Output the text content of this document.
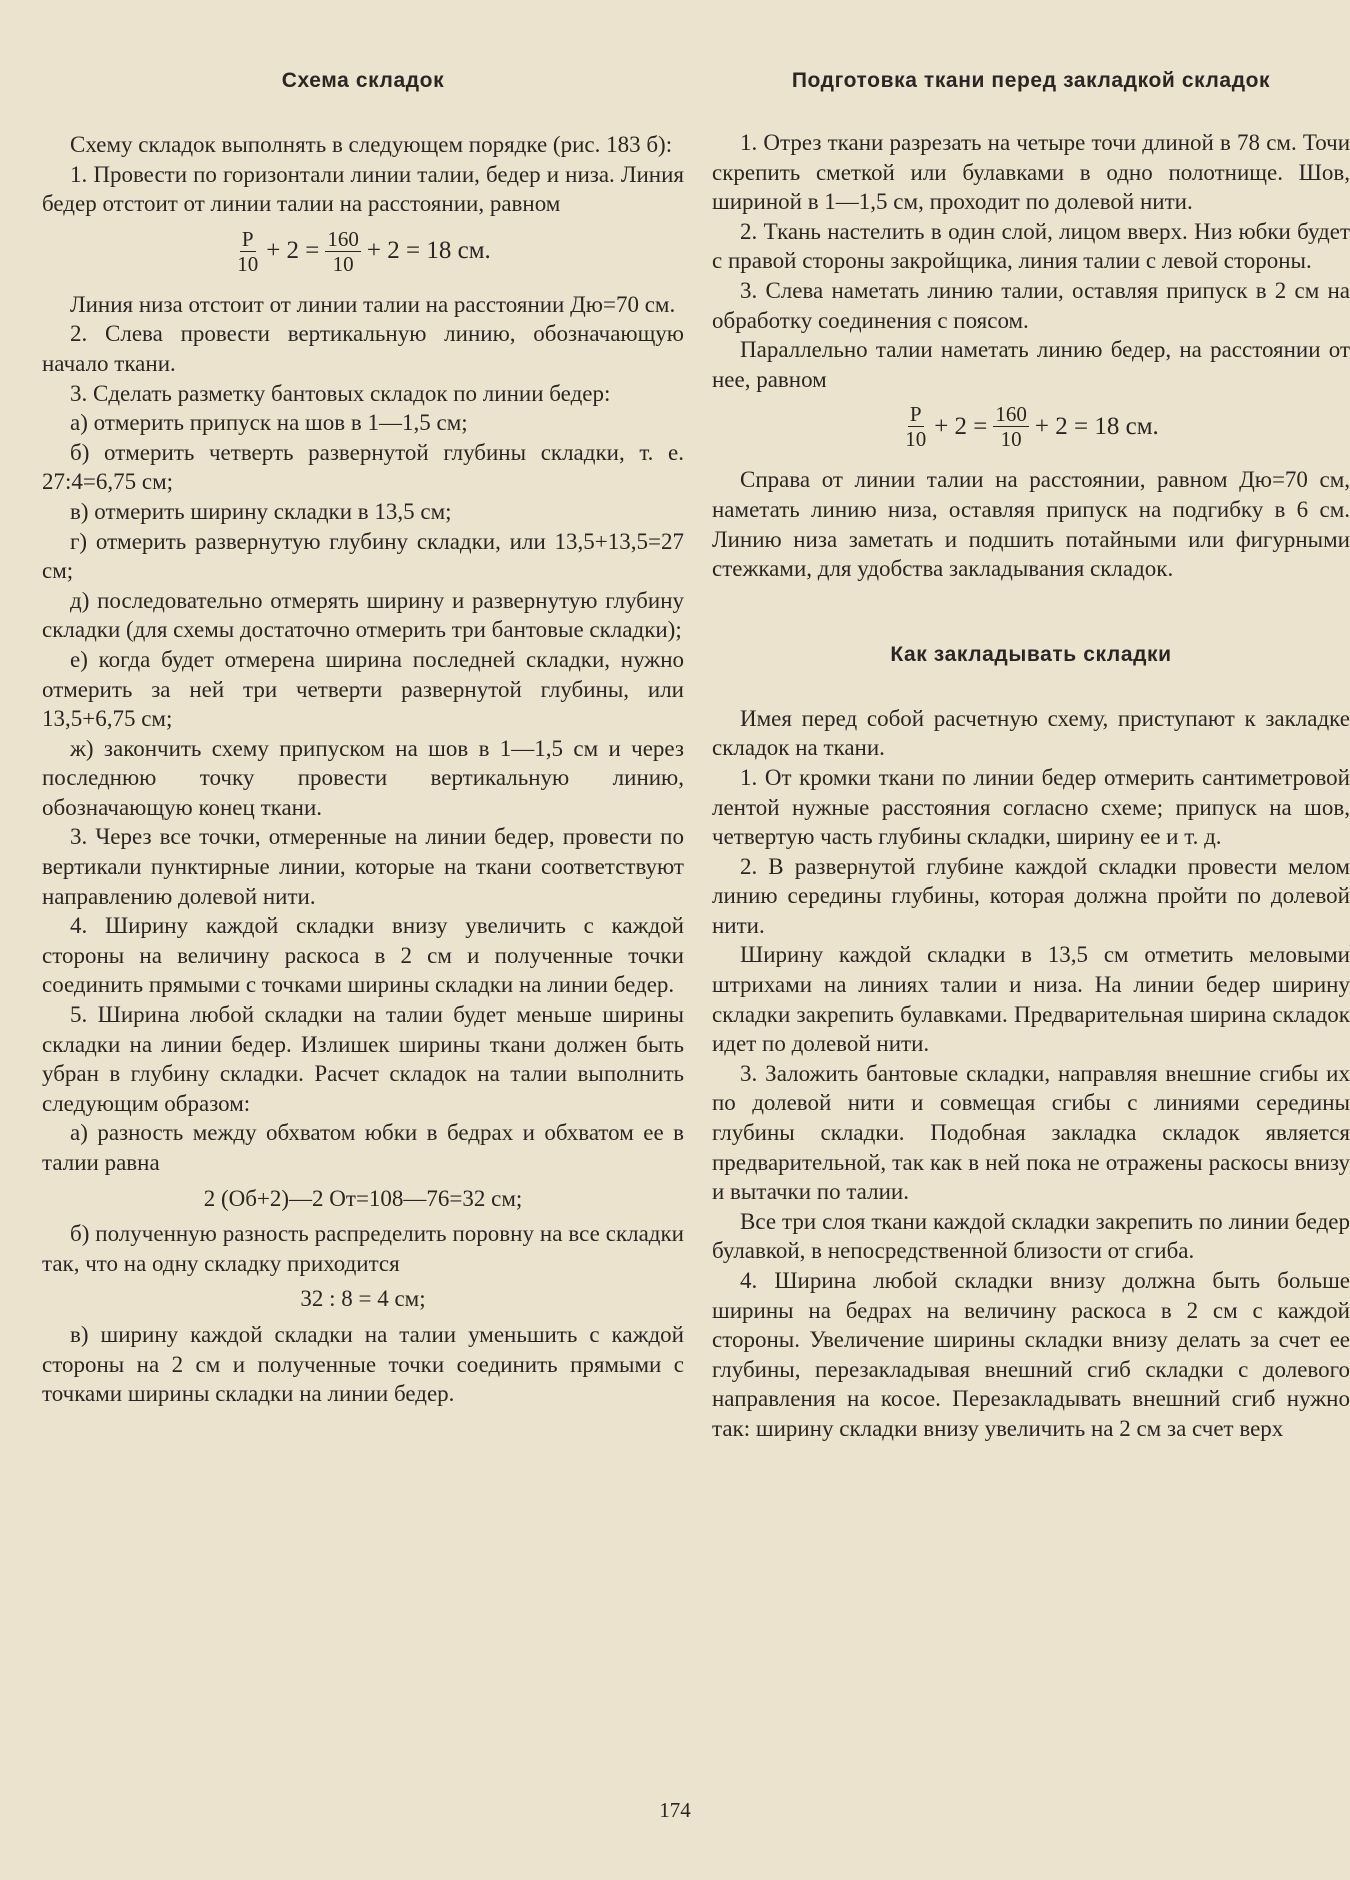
Схема складок

Схему складок выполнять в следующем порядке (рис. 183 б):

1. Провести по горизонтали линии талии, бедер и низа. Линия бедер отстоит от линии талии на расстоянии, равном

$\frac{P}{10} + 2 = \frac{160}{10} + 2 = 18$ см.

Линия низа отстоит от линии талии на расстоянии Дю=70 см.

2. Слева провести вертикальную линию, обозначающую начало ткани.

3. Сделать разметку бантовых складок по линии бедер:

а) отмерить припуск на шов в 1—1,5 см;

б) отмерить четверть развернутой глубины складки, т. е. 27:4=6,75 см;

в) отмерить ширину складки в 13,5 см;

г) отмерить развернутую глубину складки, или 13,5+13,5=27 см;

д) последовательно отмерять ширину и развернутую глубину складки (для схемы достаточно отмерить три бантовые складки);

е) когда будет отмерена ширина последней складки, нужно отмерить за ней три четверти развернутой глубины, или 13,5+6,75 см;

ж) закончить схему припуском на шов в 1—1,5 см и через последнюю точку провести вертикальную линию, обозначающую конец ткани.

3. Через все точки, отмеренные на линии бедер, провести по вертикали пунктирные линии, которые на ткани соответствуют направлению долевой нити.

4. Ширину каждой складки внизу увеличить с каждой стороны на величину раскоса в 2 см и полученные точки соединить прямыми с точками ширины складки на линии бедер.

5. Ширина любой складки на талии будет меньше ширины складки на линии бедер. Излишек ширины ткани должен быть убран в глубину складки. Расчет складок на талии выполнить следующим образом:

а) разность между обхватом юбки в бедрах и обхватом ее в талии равна

2 (Об+2)—2 От=108—76=32 см;

б) полученную разность распределить поровну на все складки так, что на одну складку приходится

32 : 8 = 4 см;

в) ширину каждой складки на талии уменьшить с каждой стороны на 2 см и полученные точки соединить прямыми с точками ширины складки на линии бедер.

Подготовка ткани перед закладкой складок

1. Отрез ткани разрезать на четыре точи длиной в 78 см. Точи скрепить сметкой или булавками в одно полотнище. Шов, шириной в 1—1,5 см, проходит по долевой нити.

2. Ткань настелить в один слой, лицом вверх. Низ юбки будет с правой стороны закройщика, линия талии с левой стороны.

3. Слева наметать линию талии, оставляя припуск в 2 см на обработку соединения с поясом.

Параллельно талии наметать линию бедер, на расстоянии от нее, равном

$\frac{P}{10} + 2 = \frac{160}{10} + 2 = 18$ см.

Справа от линии талии на расстоянии, равном Дю=70 см, наметать линию низа, оставляя припуск на подгибку в 6 см. Линию низа заметать и подшить потайными или фигурными стежками, для удобства закладывания складок.

Как закладывать складки

Имея перед собой расчетную схему, приступают к закладке складок на ткани.

1. От кромки ткани по линии бедер отмерить сантиметровой лентой нужные расстояния согласно схеме; припуск на шов, четвертую часть глубины складки, ширину ее и т. д.

2. В развернутой глубине каждой складки провести мелом линию середины глубины, которая должна пройти по долевой нити.

Ширину каждой складки в 13,5 см отметить меловыми штрихами на линиях талии и низа. На линии бедер ширину складки закрепить булавками. Предварительная ширина складок идет по долевой нити.

3. Заложить бантовые складки, направляя внешние сгибы их по долевой нити и совмещая сгибы с линиями середины глубины складки. Подобная закладка складок является предварительной, так как в ней пока не отражены раскосы внизу и вытачки по талии.

Все три слоя ткани каждой складки закрепить по линии бедер булавкой, в непосредственной близости от сгиба.

4. Ширина любой складки внизу должна быть больше ширины на бедрах на величину раскоса в 2 см с каждой стороны. Увеличение ширины складки внизу делать за счет ее глубины, перезакладывая внешний сгиб складки с долевого направления на косое. Перезакладывать внешний сгиб нужно так: ширину складки внизу увеличить на 2 см за счет верх

174
